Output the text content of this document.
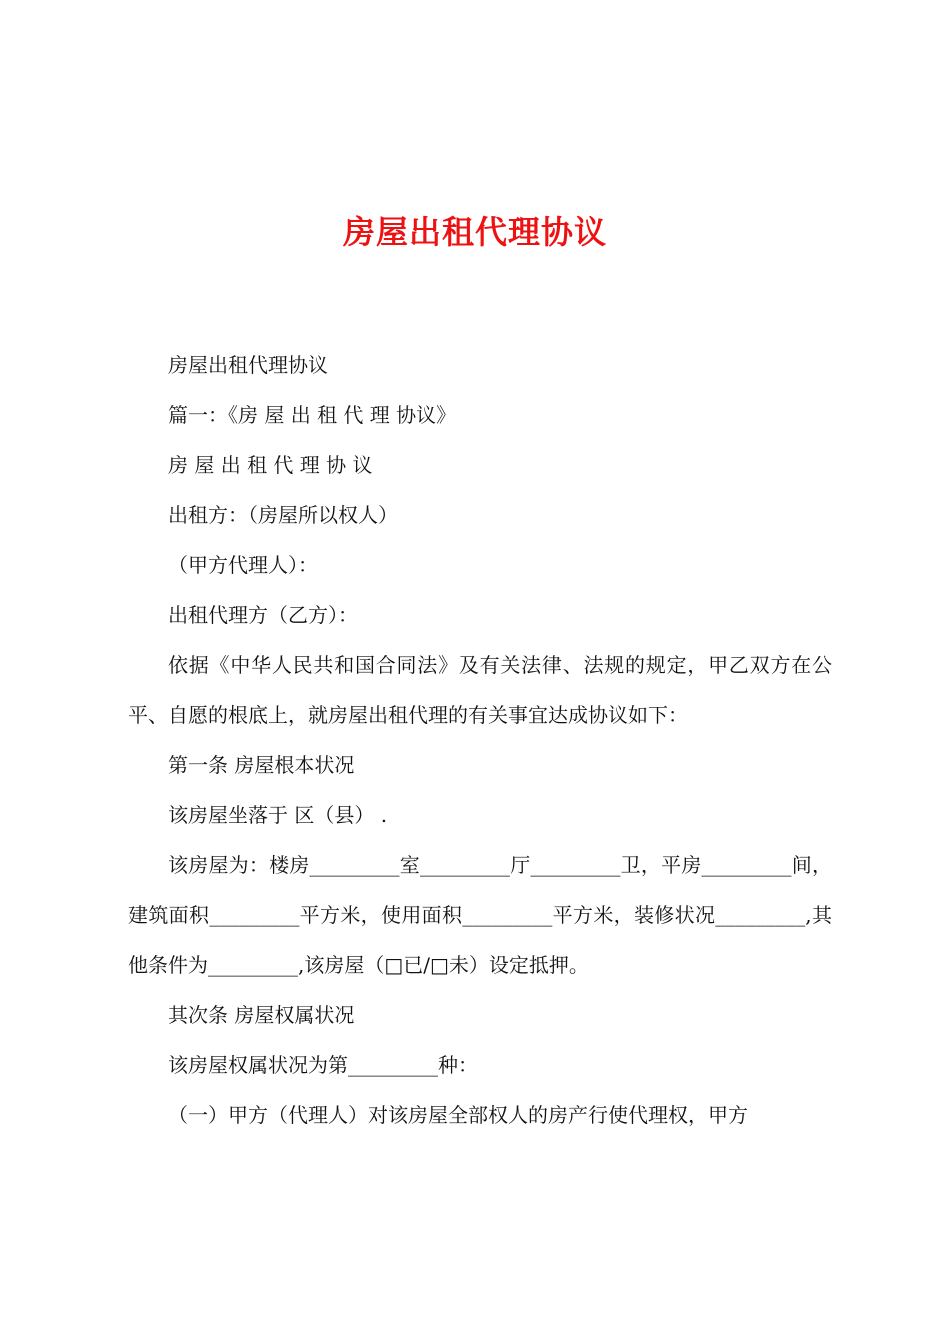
房屋出租代理协议

房屋出租代理协议

篇一：《房 屋 出 租 代 理 协议》

房 屋 出 租 代 理 协 议

出租方：（房屋所以权人）

（甲方代理人）：

出租代理方（乙方）：

依据《中华人民共和国合同法》及有关法律、法规的规定，甲乙双方在公平、自愿的根底上，就房屋出租代理的有关事宜达成协议如下：

第一条 房屋根本状况

该房屋坐落于 区（县） .

该房屋为：楼房_________室_________厅_________卫，平房_________间，建筑面积_________平方米，使用面积_________平方米，装修状况_________,其他条件为_________,该房屋（□已/□未）设定抵押。

其次条 房屋权属状况

该房屋权属状况为第_________种：

（一）甲方（代理人）对该房屋全部权人的房产行使代理权，甲方
